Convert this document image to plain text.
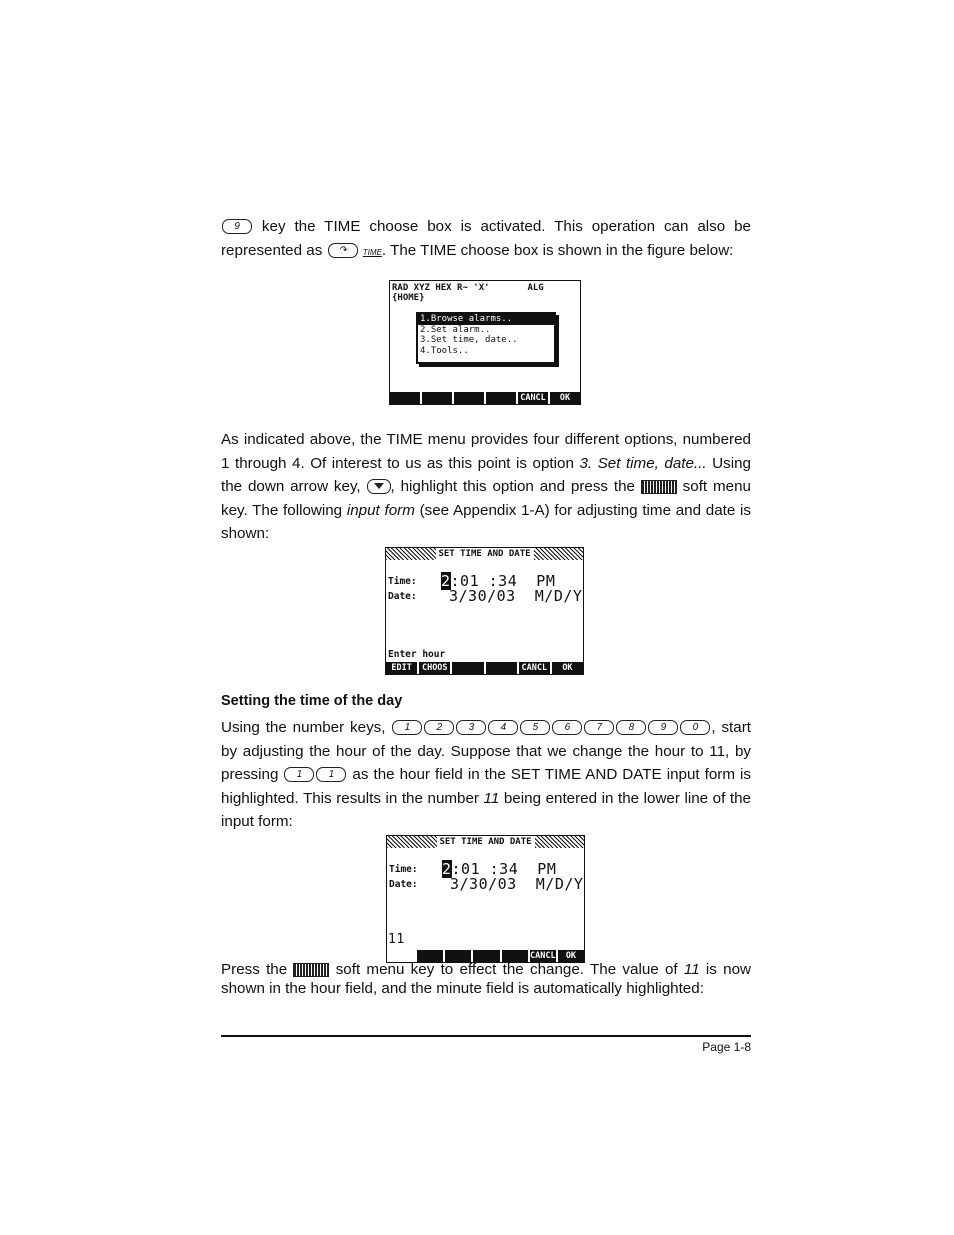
9 key the TIME choose box is activated. This operation can also be represented as ↷ TIME. The TIME choose box is shown in the figure below:
RAD XYZ HEX R~ 'X'       ALG
{HOME}
1.Browse alarms..
2.Set alarm..
3.Set time, date..
4.Tools..
CANCL	OK
As indicated above, the TIME menu provides four different options, numbered 1 through 4. Of interest to us as this point is option 3. Set time, date... Using the down arrow key, , highlight this option and press the  soft menu key. The following input form (see Appendix 1-A) for adjusting time and date is shown:
SET TIME AND DATE
Time: 2:01 :34  PM
Date: 3/30/03  M/D/Y
Enter hour
EDIT	CHOOS	CANCL	OK
Setting the time of the day
Using the number keys, 1	2	3	4	5	6	7	8	9	0 , start by adjusting the hour of the day. Suppose that we change the hour to 11, by pressing 1	1 as the hour field in the SET TIME AND DATE input form is highlighted. This results in the number 11 being entered in the lower line of the input form:
SET TIME AND DATE
Time: 2:01 :34  PM
Date: 3/30/03  M/D/Y
11
CANCL	OK
Press the  soft menu key to effect the change. The value of 11 is now shown in the hour field, and the minute field is automatically highlighted:
Page 1-8
